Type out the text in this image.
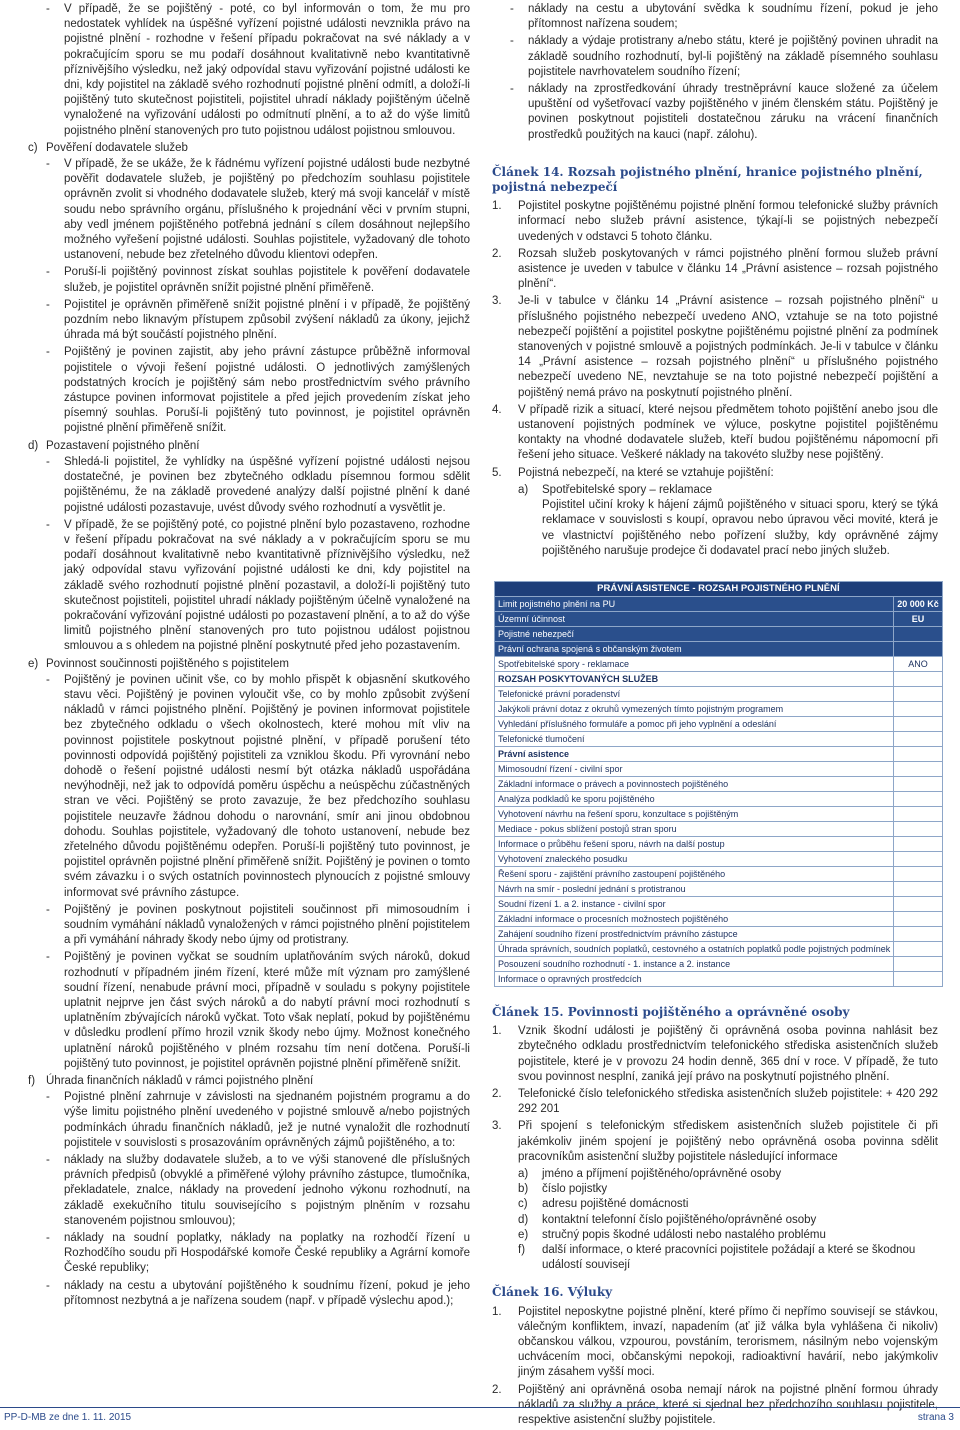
- V případě, že se pojištěný - poté, co byl informován o tom, že mu pro nedostatek vyhlídek na úspěšné vyřízení pojistné události nevznikla právo na pojistné plnění - rozhodne v řešení případu pokračovat na své náklady a v pokračujícím sporu se mu podaří dosáhnout kvalitativně nebo kvantitativně příznivějšího výsledku, než jaký odpovídal stavu vyřizování pojistné události ke dni, kdy pojistitel na základě svého rozhodnutí pojistné plnění odmítl, a doloží-li pojištěný tuto skutečnost pojistiteli, pojistitel uhradí náklady pojištěným účelně vynaložené na vyřizování události po odmítnutí plnění, a to až do výše limitů pojistného plnění stanovených pro tuto pojistnou událost pojistnou smlouvou.

c) Pověření dodavatele služeb

- V případě, že se ukáže, že k řádnému vyřízení pojistné události bude nezbytné pověřit dodavatele služeb, je pojištěný po předchozím souhlasu pojistitele oprávněn zvolit si vhodného dodavatele služeb, který má svoji kancelář v místě soudu nebo správního orgánu, příslušného k projednání věci v prvním stupni, aby vedl jménem pojištěného potřebná jednání s cílem dosáhnout nejlepšího možného vyřešení pojistné události. Souhlas pojistitele, vyžadovaný dle tohoto ustanovení, nebude bez zřetelného důvodu klientovi odepřen.

- Poruší-li pojištěný povinnost získat souhlas pojistitele k pověření dodavatele služeb, je pojistitel oprávněn snížit pojistné plnění přiměřeně.

- Pojistitel je oprávněn přiměřeně snížit pojistné plnění i v případě, že pojištěný pozdním nebo liknavým přístupem způsobil zvýšení nákladů za úkony, jejichž úhrada má být součástí pojistného plnění.

- Pojištěný je povinen zajistit, aby jeho právní zástupce průběžně informoval pojistitele o vývoji řešení pojistné události. O jednotlivých zamýšlených podstatných krocích je pojištěný sám nebo prostřednictvím svého právního zástupce povinen informovat pojistitele a před jejich provedením získat jeho písemný souhlas. Poruší-li pojištěný tuto povinnost, je pojistitel oprávněn pojistné plnění přiměřeně snížit.

d) Pozastavení pojistného plnění

- Shledá-li pojistitel, že vyhlídky na úspěšné vyřízení pojistné události nejsou dostatečné, je povinen bez zbytečného odkladu písemnou formou sdělit pojištěnému, že na základě provedené analýzy další pojistné plnění k dané pojistné události pozastavuje, uvést důvody svého rozhodnutí a vysvětlit je.

- V případě, že se pojištěný poté, co pojistné plnění bylo pozastaveno, rozhodne v řešení případu pokračovat na své náklady a v pokračujícím sporu se mu podaří dosáhnout kvalitativně nebo kvantitativně příznivějšího výsledku, než jaký odpovídal stavu vyřizování pojistné události ke dni, kdy pojistitel na základě svého rozhodnutí pojistné plnění pozastavil, a doloží-li pojištěný tuto skutečnost pojistiteli, pojistitel uhradí náklady pojištěným účelně vynaložené na pokračování vyřizování pojistné události po pozastavení plnění, a to až do výše limitů pojistného plnění stanovených pro tuto pojistnou událost pojistnou smlouvou a s ohledem na pojistné plnění poskytnuté před jeho pozastavením.

e) Povinnost součinnosti pojištěného s pojistitelem

- Pojištěný je povinen učinit vše, co by mohlo přispět k objasnění skutkového stavu věci. Pojištěný je povinen vyloučit vše, co by mohlo způsobit zvýšení nákladů v rámci pojistného plnění. Pojištěný je povinen informovat pojistitele bez zbytečného odkladu o všech okolnostech, které mohou mít vliv na povinnost pojistitele poskytnout pojistné plnění, v případě porušení této povinnosti odpovídá pojištěný pojistiteli za vzniklou škodu. Při vyrovnání nebo dohodě o řešení pojistné události nesmí být otázka nákladů uspořádána nevýhodněji, než jak to odpovídá poměru úspěchu a neúspěchu zúčastněných stran ve věci. Pojištěný se proto zavazuje, že bez předchozího souhlasu pojistitele neuzavře žádnou dohodu o narovnání, smír ani jinou obdobnou dohodu. Souhlas pojistitele, vyžadovaný dle tohoto ustanovení, nebude bez zřetelného důvodu pojištěnému odepřen. Poruší-li pojištěný tuto povinnost, je pojistitel oprávněn pojistné plnění přiměřeně snížit. Pojištěný je povinen o tomto svém závazku i o svých ostatních povinnostech plynoucích z pojistné smlouvy informovat své právního zástupce.

- Pojištěný je povinen poskytnout pojistiteli součinnost při mimosoudním i soudním vymáhání nákladů vynaložených v rámci pojistného plnění pojistitelem a při vymáhání náhrady škody nebo újmy od protistrany.

- Pojištěný je povinen vyčkat se soudním uplatňováním svých nároků, dokud rozhodnutí v případném jiném řízení, které může mít význam pro zamýšlené soudní řízení, nenabude právní moci, případně v souladu s pokyny pojistitele uplatnit nejprve jen část svých nároků a do nabytí právní moci rozhodnutí s uplatněním zbývajících nároků vyčkat. Toto však neplatí, pokud by pojištěnému v důsledku prodlení přímo hrozil vznik škody nebo újmy. Možnost konečného uplatnění nároků pojištěného v plném rozsahu tím není dotčena. Poruší-li pojištěný tuto povinnost, je pojistitel oprávněn pojistné plnění přiměřeně snížit.

f) Úhrada finančních nákladů v rámci pojistného plnění

- Pojistné plnění zahrnuje v závislosti na sjednaném pojistném programu a do výše limitu pojistného plnění uvedeného v pojistné smlouvě a/nebo pojistných podmínkách úhradu finančních nákladů, jež je nutné vynaložit dle rozhodnutí pojistitele v souvislosti s prosazováním oprávněných zájmů pojištěného, a to:

- náklady na služby dodavatele služeb, a to ve výši stanovené dle příslušných právních předpisů (obvyklé a přiměřené výlohy právního zástupce, tlumočníka, překladatele, znalce, náklady na provedení jednoho výkonu rozhodnutí, na základě exekučního titulu souvisejícího s pojistným plněním v rozsahu stanoveném pojistnou smlouvou);

- náklady na soudní poplatky, náklady na poplatky na rozhodčí řízení u Rozhodčího soudu při Hospodářské komoře České republiky a Agrární komoře České republiky;

- náklady na cestu a ubytování pojištěného k soudnímu řízení, pokud je jeho přítomnost nezbytná a je nařízena soudem (např. v případě výslechu apod.);

- náklady na cestu a ubytování svědka k soudnímu řízení, pokud je jeho přítomnost nařízena soudem;

- náklady a výdaje protistrany a/nebo státu, které je pojištěný povinen uhradit na základě soudního rozhodnutí, byl-li pojištěný na základě písemného souhlasu pojistitele navrhovatelem soudního řízení;

- náklady na zprostředkování úhrady trestněprávní kauce složené za účelem upuštění od vyšetřovací vazby pojištěného v jiném členském státu. Pojištěný je povinen poskytnout pojistiteli dostatečnou záruku na vrácení finančních prostředků použitých na kauci (např. zálohu).

Článek 14. Rozsah pojistného plnění, hranice pojistného plnění, pojistná nebezpečí

1. Pojistitel poskytne pojištěnému pojistné plnění formou telefonické služby právních informací nebo služeb právní asistence, týkají-li se pojistných nebezpečí uvedených v odstavci 5 tohoto článku.

2. Rozsah služeb poskytovaných v rámci pojistného plnění formou služeb právní asistence je uveden v tabulce v článku 14 „Právní asistence – rozsah pojistného plnění“.

3. Je-li v tabulce v článku 14 „Právní asistence – rozsah pojistného plnění“ u příslušného pojistného nebezpečí uvedeno ANO, vztahuje se na toto pojistné nebezpečí pojištění a pojistitel poskytne pojištěnému pojistné plnění za podmínek stanovených v pojistné smlouvě a pojistných podmínkách. Je-li v tabulce v článku 14 „Právní asistence – rozsah pojistného plnění“ u příslušného pojistného nebezpečí uvedeno NE, nevztahuje se na toto pojistné nebezpečí pojištění a pojištěný nemá právo na poskytnutí pojistného plnění.

4. V případě rizik a situací, které nejsou předmětem tohoto pojištění anebo jsou dle ustanovení pojistných podmínek ve výluce, poskytne pojistitel pojištěnému kontakty na vhodné dodavatele služeb, kteří budou pojištěnému nápomocní při řešení jeho situace. Veškeré náklady na takovéto služby nese pojištěný.

5. Pojistná nebezpečí, na které se vztahuje pojištění:

a) Spotřebitelské spory – reklamace

Pojistitel učiní kroky k hájení zájmů pojištěného v situaci sporu, který se týká reklamace v souvislosti s koupí, opravou nebo úpravou věci movité, která je ve vlastnictví pojištěného nebo pořízení služby, kdy oprávněné zájmy pojištěného narušuje prodejce či dodavatel prací nebo jiných služeb.

PRÁVNÍ ASISTENCE - ROZSAH POJISTNÉHO PLNĚNÍ	
Limit pojistného plnění na PU	20 000 Kč
Územní účinnost	EU
Pojistné nebezpečí	
Právní ochrana spojená s občanským životem	
Spotřebitelské spory - reklamace	ANO
ROZSAH POSKYTOVANÝCH SLUŽEB	
Telefonické právní poradenství	
Jakýkoli právní dotaz z okruhů vymezených tímto pojistným programem	
Vyhledání příslušného formuláře a pomoc při jeho vyplnění a odeslání	
Telefonické tlumočení	
Právní asistence	
Mimosoudní řízení - civilní spor	
Základní informace o právech a povinnostech pojištěného	
Analýza podkladů ke sporu pojištěného	
Vyhotovení návrhu na řešení sporu, konzultace s pojištěným	
Mediace - pokus sblížení postojů stran sporu	
Informace o průběhu řešení sporu, návrh na další postup	
Vyhotovení znaleckého posudku	
Řešení sporu - zajištění právního zastoupení pojištěného	
Návrh na smír - poslední jednání s protistranou	
Soudní řízení 1. a 2. instance - civilní spor	
Základní informace o procesních možnostech pojištěného	
Zahájení soudního řízení prostřednictvím právního zástupce	
Úhrada správních, soudních poplatků, cestovného a ostatních poplatků podle pojistných podmínek	
Posouzení soudního rozhodnutí - 1. instance a 2. instance	
Informace o opravných prostředcích	
Článek 15. Povinnosti pojištěného a oprávněné osoby

1. Vznik škodní události je pojištěný či oprávněná osoba povinna nahlásit bez zbytečného odkladu prostřednictvím telefonického střediska asistenčních služeb pojistitele, které je v provozu 24 hodin denně, 365 dní v roce. V případě, že tuto svou povinnost nesplní, zaniká její právo na poskytnutí pojistného plnění.

2. Telefonické číslo telefonického střediska asistenčních služeb pojistitele: + 420 292 292 201

3. Při spojení s telefonickým střediskem asistenčních služeb pojistitele či při jakémkoliv jiném spojení je pojištěný nebo oprávněná osoba povinna sdělit pracovníkům asistenční služby pojistitele následující informace

a) jméno a příjmení pojištěného/oprávněné osoby
b) číslo pojistky
c) adresu pojištěné domácnosti
d) kontaktní telefonní číslo pojištěného/oprávněné osoby
e) stručný popis škodné události nebo nastalého problému
f) další informace, o které pracovníci pojistitele požádají a které se škodnou událostí souvisejí
Článek 16. Výluky

1. Pojistitel neposkytne pojistné plnění, které přímo či nepřímo souvisejí se stávkou, válečným konfliktem, invazí, napadením (ať již válka byla vyhlášena či nikoliv) občanskou válkou, vzpourou, povstáním, terorismem, násilným nebo vojenským uchvácením moci, občanskými nepokoji, radioaktivní havárií, nebo jakýmkoliv jiným zásahem vyšší moci.

2. Pojištěný ani oprávněná osoba nemají nárok na pojistné plnění formou úhrady nákladů za služby a práce, které si sjednal bez předchozího souhlasu pojistitele, respektive asistenční služby pojistitele.

PP-D-MB ze dne 1. 11. 2015	strana 3
